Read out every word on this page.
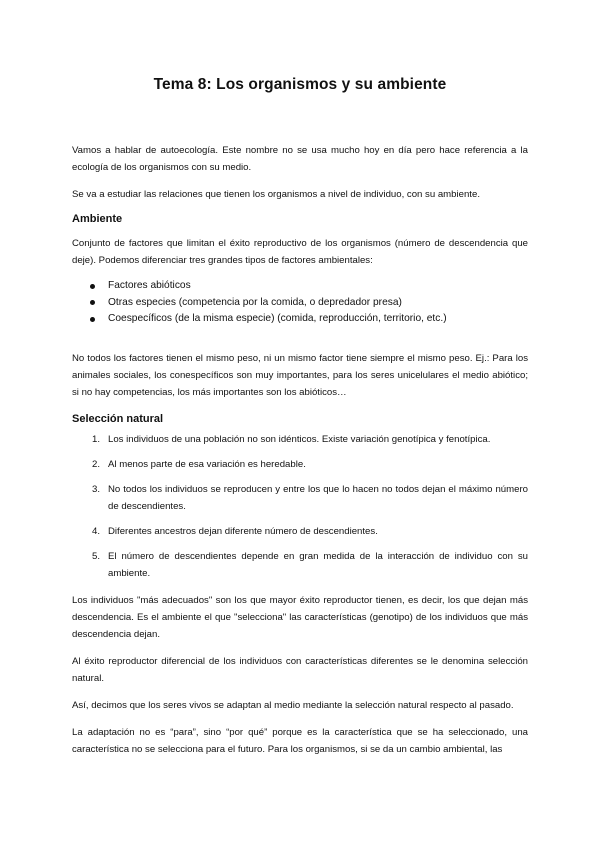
Tema 8: Los organismos y su ambiente

Vamos a hablar de autoecología. Este nombre no se usa mucho hoy en día pero hace referencia a la ecología de los organismos con su medio.

Se va a estudiar las relaciones que tienen los organismos a nivel de individuo, con su ambiente.

Ambiente

Conjunto de factores que limitan el éxito reproductivo de los organismos (número de descendencia que deje). Podemos diferenciar tres grandes tipos de factores ambientales:

Factores abióticos
Otras especies (competencia por la comida, o depredador presa)
Coespecíficos (de la misma especie) (comida, reproducción, territorio, etc.)

No todos los factores tienen el mismo peso, ni un mismo factor tiene siempre el mismo peso. Ej.: Para los animales sociales, los conespecíficos son muy importantes, para los seres unicelulares el medio abiótico; si no hay competencias, los más importantes son los abióticos…

Selección natural
1. Los individuos de una población no son idénticos. Existe variación genotípica y fenotípica.
2. Al menos parte de esa variación es heredable.
3. No todos los individuos se reproducen y entre los que lo hacen no todos dejan el máximo número de descendientes.
4. Diferentes ancestros dejan diferente número de descendientes.
5. El número de descendientes depende en gran medida de la interacción de individuo con su ambiente.

Los individuos "más adecuados" son los que mayor éxito reproductor tienen, es decir, los que dejan más descendencia. Es el ambiente el que "selecciona" las características (genotipo) de los individuos que más descendencia dejan.

Al éxito reproductor diferencial de los individuos con características diferentes se le denomina selección natural.

Así, decimos que los seres vivos se adaptan al medio mediante la selección natural respecto al pasado.

La adaptación no es “para”, sino “por qué” porque es la característica que se ha seleccionado, una característica no se selecciona para el futuro. Para los organismos, si se da un cambio ambiental, las
